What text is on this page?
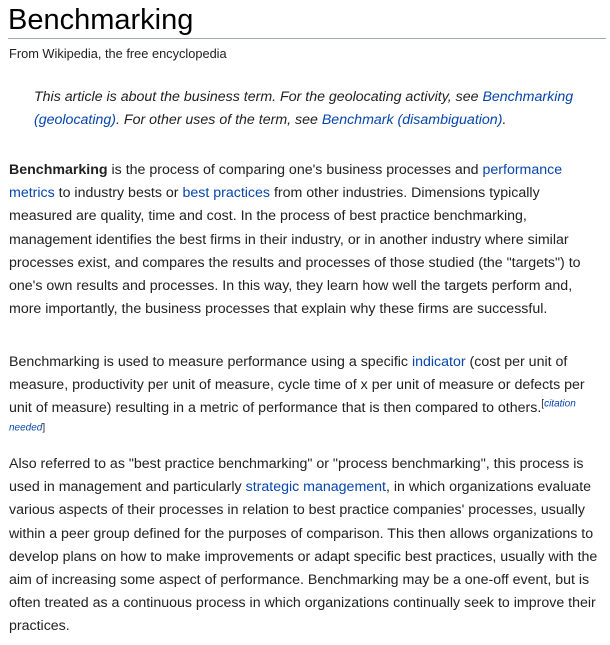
Benchmarking
From Wikipedia, the free encyclopedia
This article is about the business term. For the geolocating activity, see Benchmarking (geolocating). For other uses of the term, see Benchmark (disambiguation).

Benchmarking is the process of comparing one's business processes and performance metrics to industry bests or best practices from other industries. Dimensions typically measured are quality, time and cost. In the process of best practice benchmarking, management identifies the best firms in their industry, or in another industry where similar processes exist, and compares the results and processes of those studied (the "targets") to one's own results and processes. In this way, they learn how well the targets perform and, more importantly, the business processes that explain why these firms are successful.

Benchmarking is used to measure performance using a specific indicator (cost per unit of measure, productivity per unit of measure, cycle time of x per unit of measure or defects per unit of measure) resulting in a metric of performance that is then compared to others.[citation needed]

Also referred to as "best practice benchmarking" or "process benchmarking", this process is used in management and particularly strategic management, in which organizations evaluate various aspects of their processes in relation to best practice companies' processes, usually within a peer group defined for the purposes of comparison. This then allows organizations to develop plans on how to make improvements or adapt specific best practices, usually with the aim of increasing some aspect of performance. Benchmarking may be a one-off event, but is often treated as a continuous process in which organizations continually seek to improve their practices.
